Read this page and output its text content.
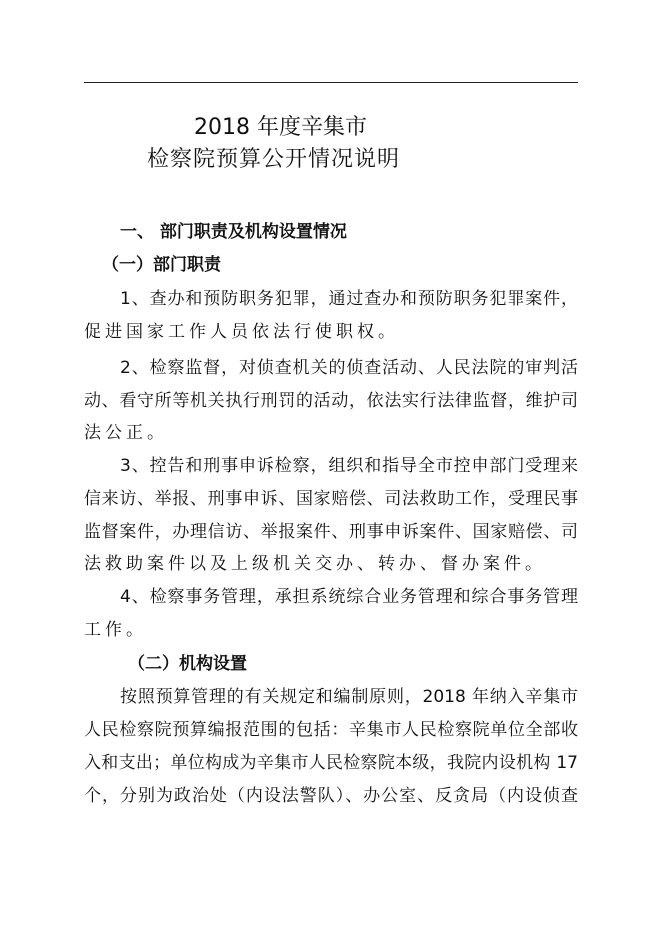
2018 年度辛集市
检察院预算公开情况说明
一、 部门职责及机构设置情况
（一）部门职责
1、查办和预防职务犯罪，通过查办和预防职务犯罪案件，
促进国家工作人员依法行使职权。
2、检察监督，对侦查机关的侦查活动、人民法院的审判活
动、看守所等机关执行刑罚的活动，依法实行法律监督，维护司
法公正。
3、控告和刑事申诉检察，组织和指导全市控申部门受理来
信来访、举报、刑事申诉、国家赔偿、司法救助工作，受理民事
监督案件，办理信访、举报案件、刑事申诉案件、国家赔偿、司
法救助案件以及上级机关交办、转办、督办案件。
4、检察事务管理，承担系统综合业务管理和综合事务管理
工作。
（二）机构设置
按照预算管理的有关规定和编制原则，2018 年纳入辛集市
人民检察院预算编报范围的包括：辛集市人民检察院单位全部收
入和支出；单位构成为辛集市人民检察院本级，我院内设机构 17
个，分别为政治处（内设法警队）、办公室、反贪局（内设侦查
